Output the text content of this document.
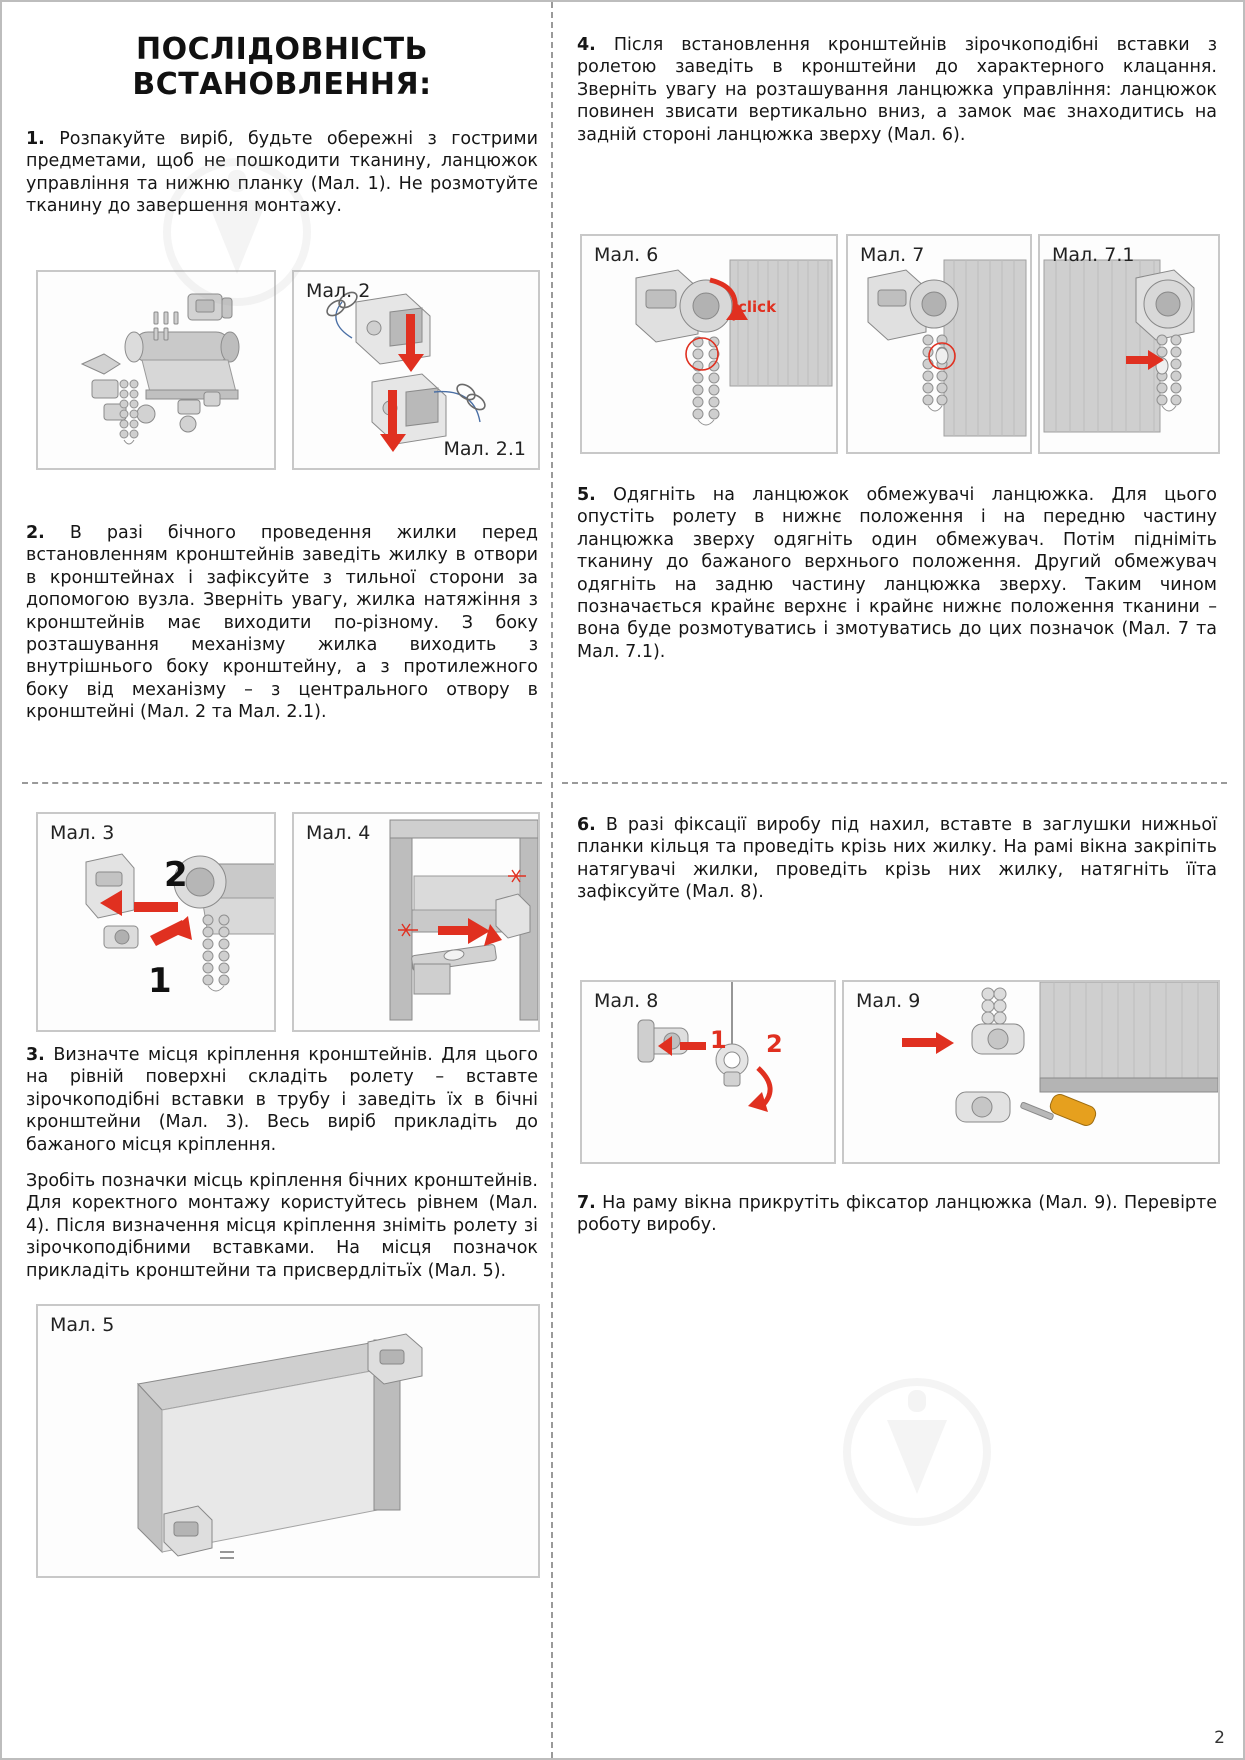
ПОСЛІДОВНІСТЬ ВСТАНОВЛЕННЯ:

1. Розпакуйте виріб, будьте обережні з гострими предметами, щоб не пошкодити тканину, ланцюжок управління та нижню планку (Мал. 1). Не розмотуйте тканину до завершення монтажу.

Мал. 2
Мал. 2.1

2. В разі бічного проведення жилки перед встановленням кронштейнів заведіть жилку в отвори в кронштейнах і зафіксуйте з тильної сторони за допомогою вузла. Зверніть увагу, жилка натяжіння з кронштейнів має виходити по-різному. З боку розташування механізму жилка виходить з внутрішнього боку кронштейну, а з протилежного боку від механізму – з центрального отвору в кронштейні (Мал. 2 та Мал. 2.1).

Мал. 3
2
1
Мал. 4

3. Визначте місця кріплення кронштейнів. Для цього на рівній поверхні складіть ролету – вставте зірочкоподібні вставки в трубу і заведіть їх в бічні кронштейни (Мал. 3). Весь виріб прикладіть до бажаного місця кріплення.

Зробіть позначки місць кріплення бічних кронштейнів. Для коректного монтажу користуйтесь рівнем (Мал. 4). Після визначення місця кріплення зніміть ролету зі зірочкоподібними вставками. На місця позначок прикладіть кронштейни та присвердлітьїх (Мал. 5).

Мал. 5

4. Після встановлення кронштейнів зірочкоподібні вставки з ролетою заведіть в кронштейни до характерного клацання. Зверніть увагу на розташування ланцюжка управління: ланцюжок повинен звисати вертикально вниз, а замок має знаходитись на задній стороні ланцюжка зверху (Мал. 6).

Мал. 6
click
Мал. 7	Мал. 7.1

5. Одягніть на ланцюжок обмежувачі ланцюжка. Для цього опустіть ролету в нижнє положення і на передню частину ланцюжка зверху одягніть один обмежувач. Потім підніміть тканину до бажаного верхнього положення. Другий обмежувач одягніть на задню частину ланцюжка зверху. Таким чином позначається крайнє верхнє і крайнє нижнє положення тканини – вона буде розмотуватись і змотуватись до цих позначок (Мал. 7 та Мал. 7.1).

6. В разі фіксації виробу під нахил, вставте в заглушки нижньої планки кільця та проведіть крізь них жилку. На рамі вікна закріпіть натягувачі жилки, проведіть крізь них жилку, натягніть їїта зафіксуйте (Мал. 8).

Мал. 8
1 2
Мал. 9

7. На раму вікна прикрутіть фіксатор ланцюжка (Мал. 9). Перевірте роботу виробу.

2
